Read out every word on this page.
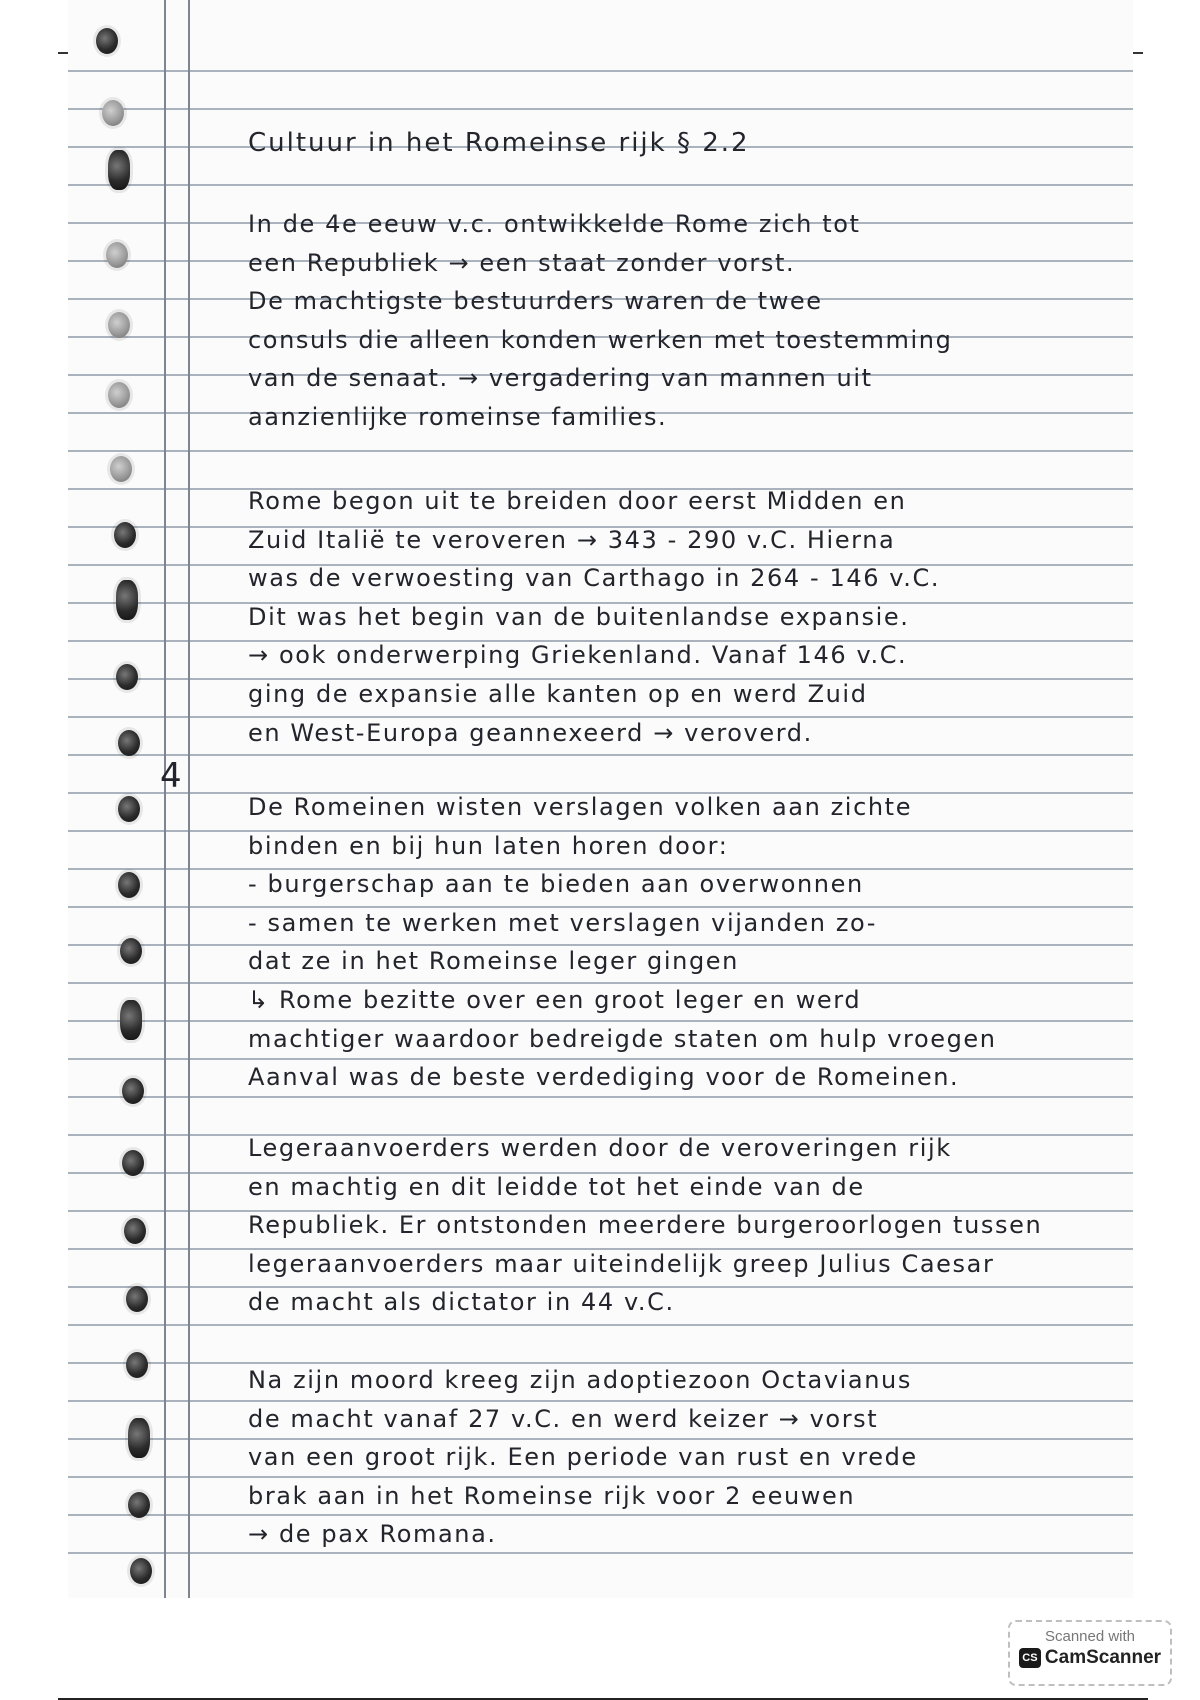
Cultuur in het Romeinse rijk § 2.2
In de 4e eeuw v.c. ontwikkelde Rome zich tot
een Republiek → een staat zonder vorst.
De machtigste bestuurders waren de twee
consuls die alleen konden werken met toestemming
van de senaat. → vergadering van mannen uit
aanzienlijke romeinse families.
Rome begon uit te breiden door eerst Midden en
Zuid Italië te veroveren → 343 - 290 v.C. Hierna
was de verwoesting van Carthago in 264 - 146 v.C.
Dit was het begin van de buitenlandse expansie.
→ ook onderwerping Griekenland. Vanaf 146 v.C.
ging de expansie alle kanten op en werd Zuid
en West-Europa geannexeerd → veroverd.
4
De Romeinen wisten verslagen volken aan zichte
binden en bij hun laten horen door:
- burgerschap aan te bieden aan overwonnen
- samen te werken met verslagen vijanden zo-
dat ze in het Romeinse leger gingen
↳ Rome bezitte over een groot leger en werd
machtiger waardoor bedreigde staten om hulp vroegen
Aanval was de beste verdediging voor de Romeinen.
Legeraanvoerders werden door de veroveringen rijk
en machtig en dit leidde tot het einde van de
Republiek. Er ontstonden meerdere burgeroorlogen tussen
legeraanvoerders maar uiteindelijk greep Julius Caesar
de macht als dictator in 44 v.C.
Na zijn moord kreeg zijn adoptiezoon Octavianus
de macht vanaf 27 v.C. en werd keizer → vorst
van een groot rijk. Een periode van rust en vrede
brak aan in het Romeinse rijk voor 2 eeuwen
→ de pax Romana.
Scanned with
CS CamScanner
